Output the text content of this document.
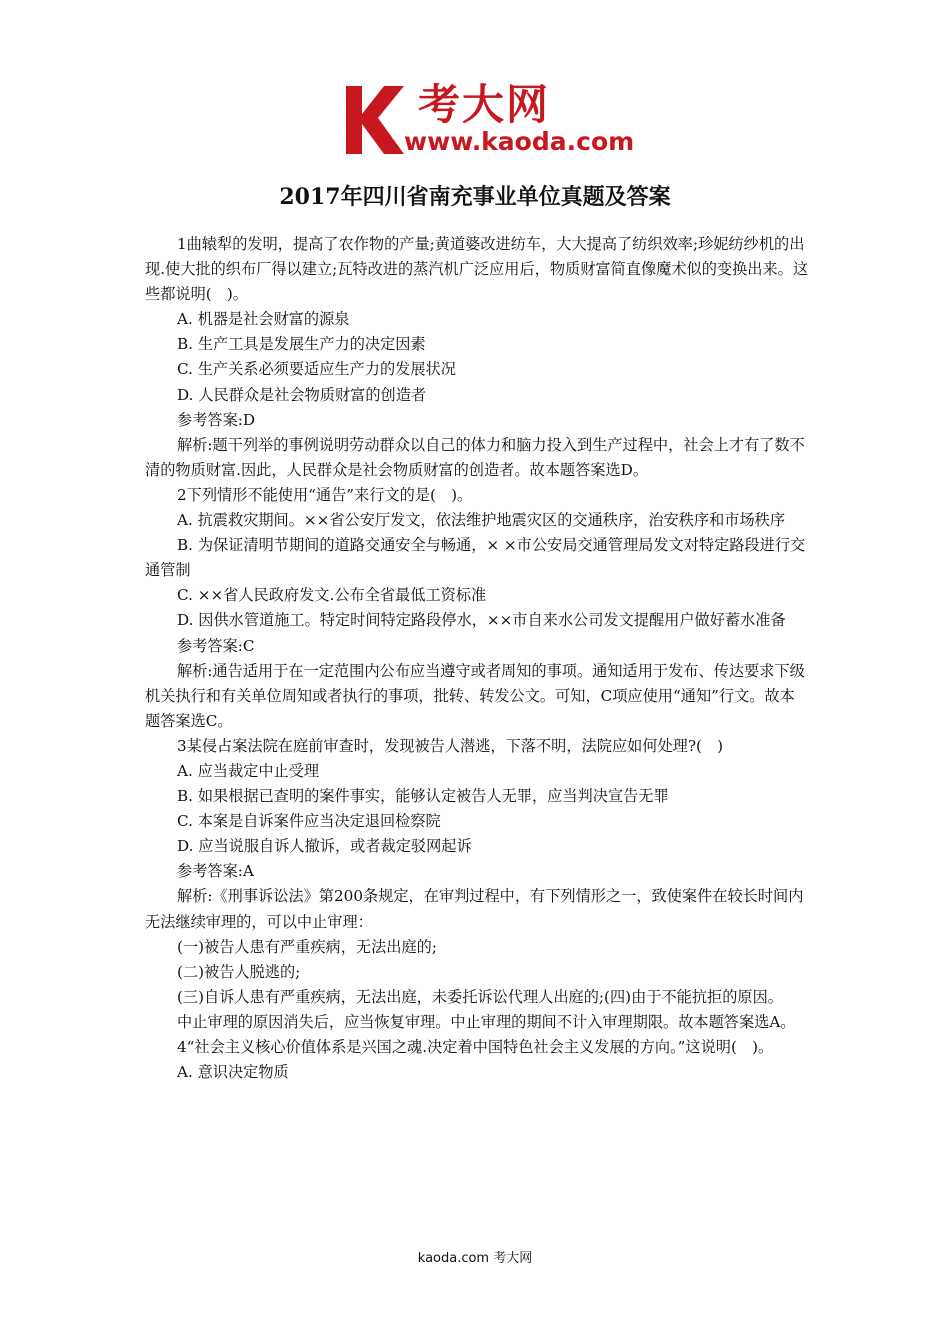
考大网
www.kaoda.com
2017年四川省南充事业单位真题及答案

1曲辕犁的发明，提高了农作物的产量;黄道婆改进纺车，大大提高了纺织效率;珍妮纺纱机的出现.使大批的织布厂得以建立;瓦特改进的蒸汽机广泛应用后，物质财富简直像魔术似的变换出来。这些都说明(　)。

A. 机器是社会财富的源泉

B. 生产工具是发展生产力的决定因素

C. 生产关系必须要适应生产力的发展状况

D. 人民群众是社会物质财富的创造者

参考答案:D

解析:题干列举的事例说明劳动群众以自己的体力和脑力投入到生产过程中，社会上才有了数不清的物质财富.因此，人民群众是社会物质财富的创造者。故本题答案选D。

2下列情形不能使用“通告”来行文的是(　)。

A. 抗震救灾期间。××省公安厅发文，依法维护地震灾区的交通秩序，治安秩序和市场秩序

B. 为保证清明节期间的道路交通安全与畅通，× ×市公安局交通管理局发文对特定路段进行交通管制

C. ××省人民政府发文.公布全省最低工资标准

D. 因供水管道施工。特定时间特定路段停水，××市自来水公司发文提醒用户做好蓄水准备

参考答案:C

解析:通告适用于在一定范围内公布应当遵守或者周知的事项。通知适用于发布、传达要求下级机关执行和有关单位周知或者执行的事项，批转、转发公文。可知，C项应使用“通知”行文。故本题答案选C。

3某侵占案法院在庭前审查时，发现被告人潜逃，下落不明，法院应如何处理?(　)

A. 应当裁定中止受理

B. 如果根据已查明的案件事实，能够认定被告人无罪，应当判决宣告无罪

C. 本案是自诉案件应当决定退回检察院

D. 应当说服自诉人撤诉，或者裁定驳网起诉

参考答案:A

解析:《刑事诉讼法》第200条规定，在审判过程中，有下列情形之一，致使案件在较长时间内无法继续审理的，可以中止审理：

(一)被告人患有严重疾病，无法出庭的;

(二)被告人脱逃的;

(三)自诉人患有严重疾病，无法出庭，未委托诉讼代理人出庭的;(四)由于不能抗拒的原因。

中止审理的原因消失后，应当恢复审理。中止审理的期间不计入审理期限。故本题答案选A。

4“社会主义核心价值体系是兴国之魂.决定着中国特色社会主义发展的方向。”这说明(　)。

A. 意识决定物质

kaoda.com 考大网
